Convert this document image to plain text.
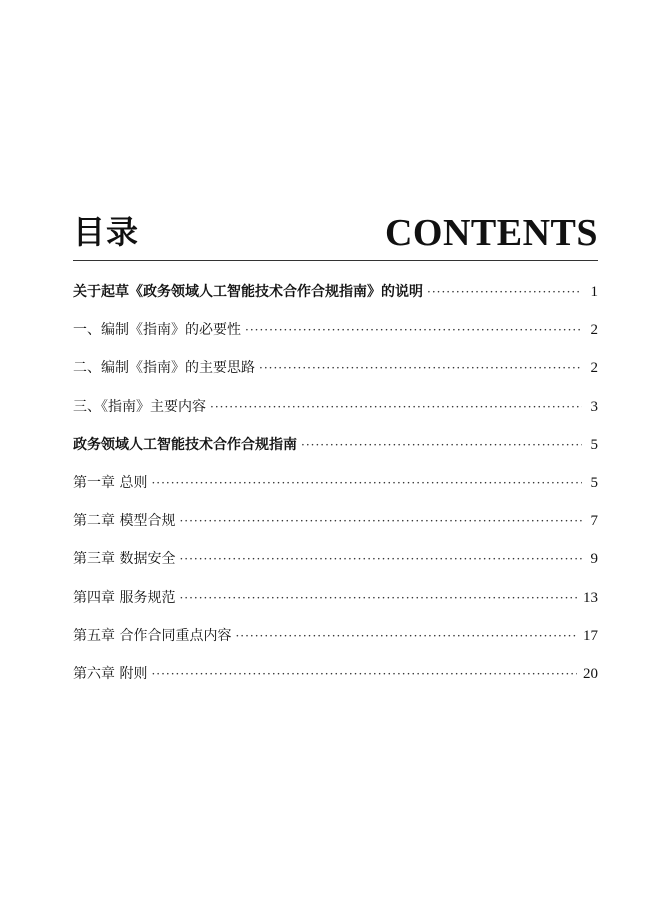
目录	CONTENTS
关于起草《政务领域人工智能技术合作合规指南》的说明 ·····	1
一、编制《指南》的必要性 ·····	2
二、编制《指南》的主要思路 ·····	2
三、《指南》主要内容 ·····	3
政务领域人工智能技术合作合规指南 ·····	5
第一章 总则 ·····	5
第二章 模型合规 ·····	7
第三章 数据安全 ·····	9
第四章 服务规范 ·····	13
第五章 合作合同重点内容 ·····	17
第六章 附则 ·····	20
